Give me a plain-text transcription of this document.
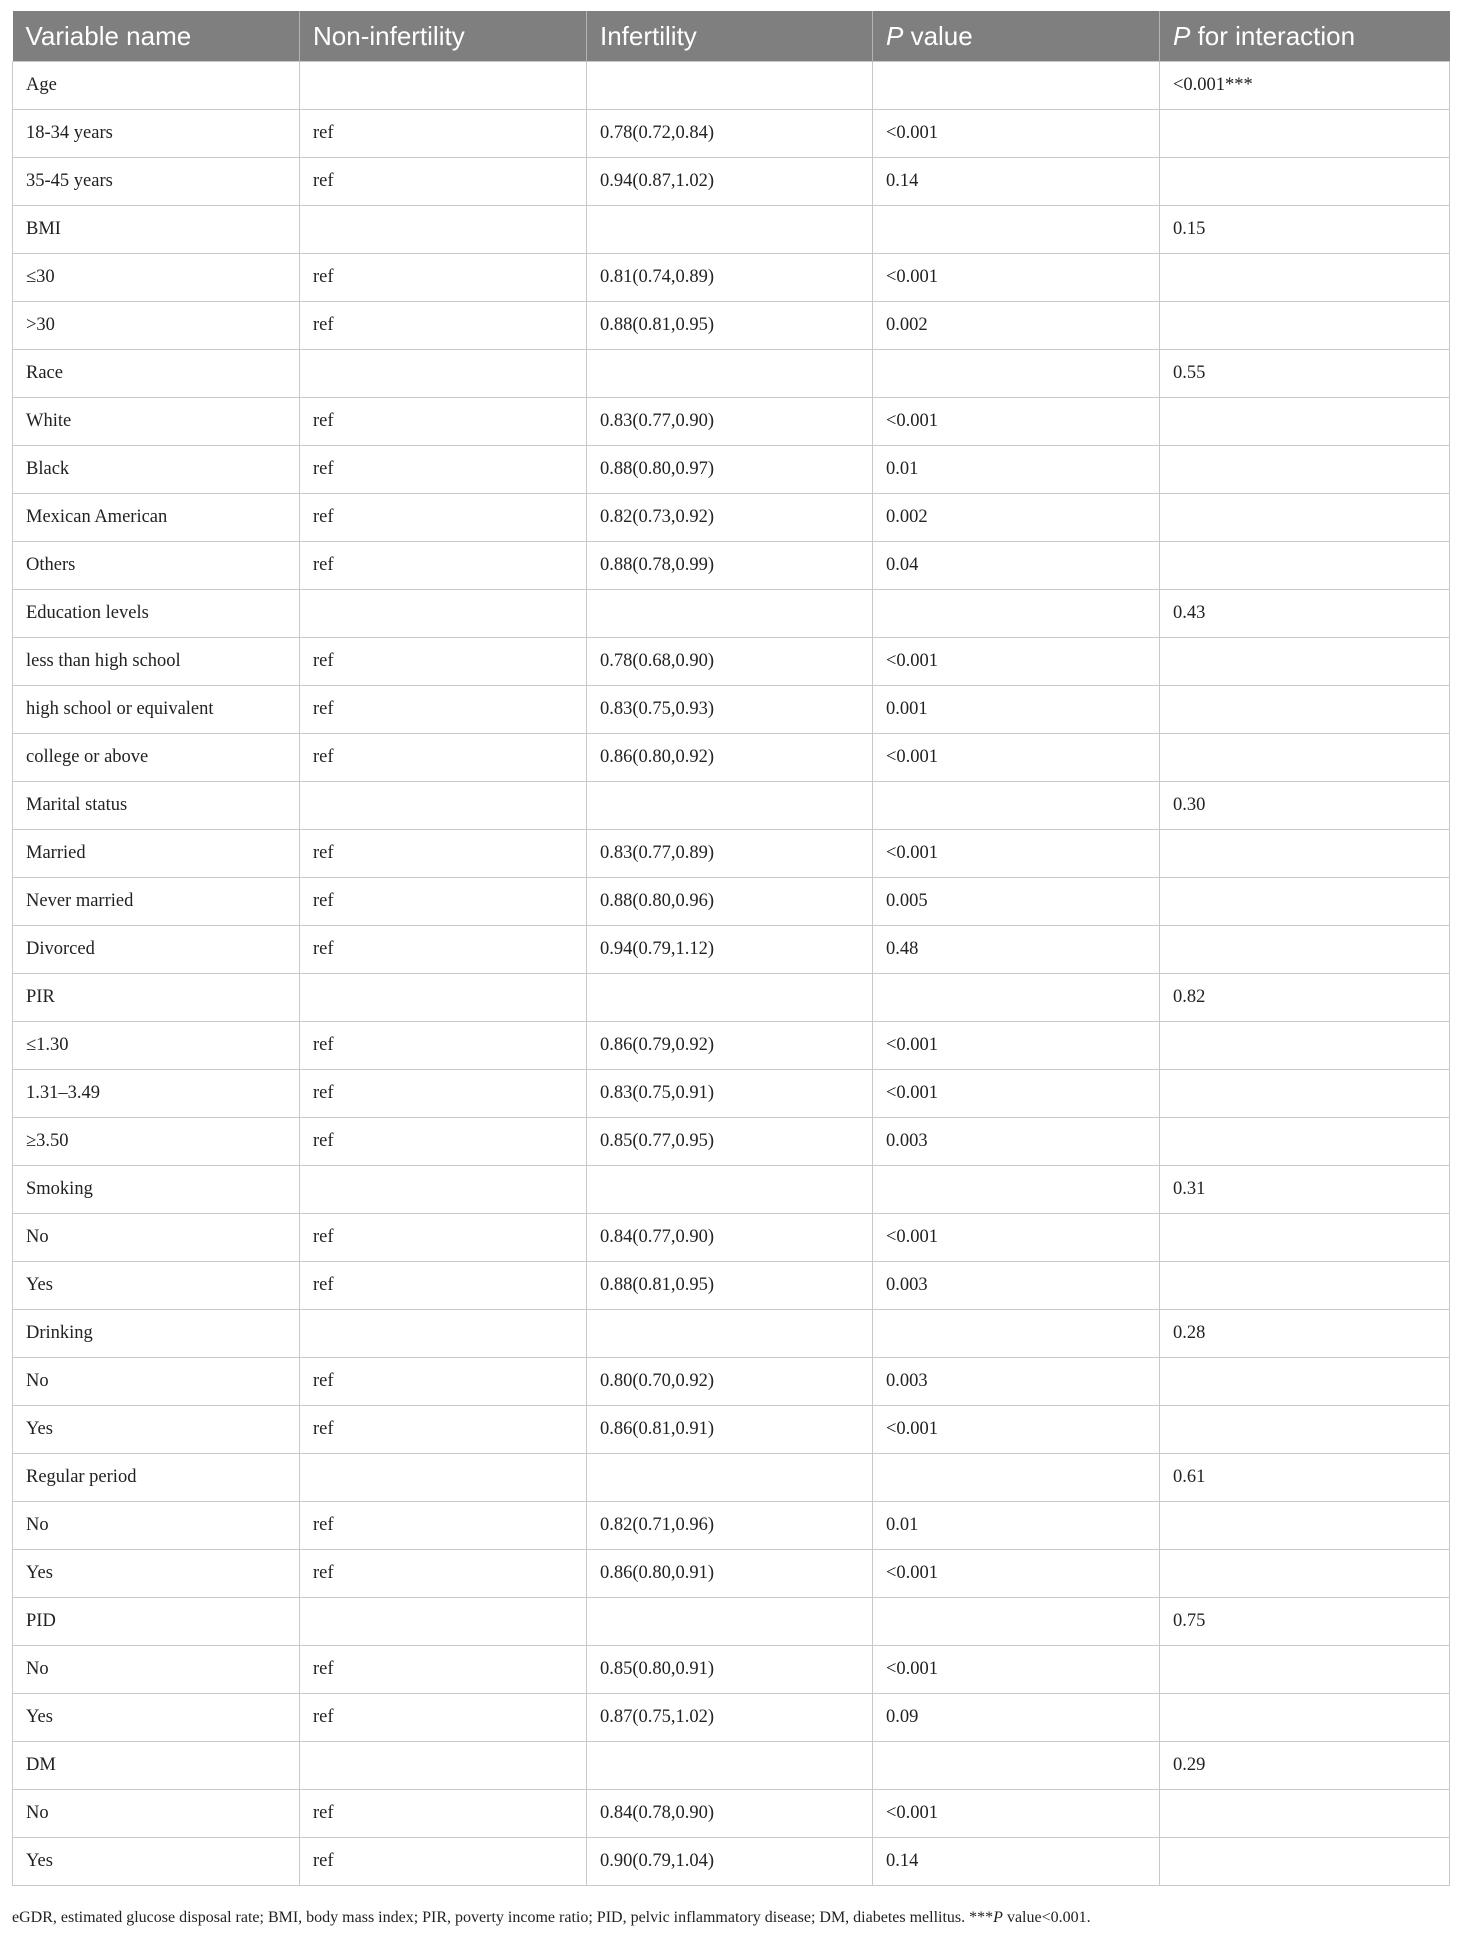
Variable name	Non-infertility	Infertility	P value	P for interaction
Age				<0.001***
18-34 years	ref	0.78(0.72,0.84)	<0.001	
35-45 years	ref	0.94(0.87,1.02)	0.14	
BMI				0.15
≤30	ref	0.81(0.74,0.89)	<0.001	
>30	ref	0.88(0.81,0.95)	0.002	
Race				0.55
White	ref	0.83(0.77,0.90)	<0.001	
Black	ref	0.88(0.80,0.97)	0.01	
Mexican American	ref	0.82(0.73,0.92)	0.002	
Others	ref	0.88(0.78,0.99)	0.04	
Education levels				0.43
less than high school	ref	0.78(0.68,0.90)	<0.001	
high school or equivalent	ref	0.83(0.75,0.93)	0.001	
college or above	ref	0.86(0.80,0.92)	<0.001	
Marital status				0.30
Married	ref	0.83(0.77,0.89)	<0.001	
Never married	ref	0.88(0.80,0.96)	0.005	
Divorced	ref	0.94(0.79,1.12)	0.48	
PIR				0.82
≤1.30	ref	0.86(0.79,0.92)	<0.001	
1.31–3.49	ref	0.83(0.75,0.91)	<0.001	
≥3.50	ref	0.85(0.77,0.95)	0.003	
Smoking				0.31
No	ref	0.84(0.77,0.90)	<0.001	
Yes	ref	0.88(0.81,0.95)	0.003	
Drinking				0.28
No	ref	0.80(0.70,0.92)	0.003	
Yes	ref	0.86(0.81,0.91)	<0.001	
Regular period				0.61
No	ref	0.82(0.71,0.96)	0.01	
Yes	ref	0.86(0.80,0.91)	<0.001	
PID				0.75
No	ref	0.85(0.80,0.91)	<0.001	
Yes	ref	0.87(0.75,1.02)	0.09	
DM				0.29
No	ref	0.84(0.78,0.90)	<0.001	
Yes	ref	0.90(0.79,1.04)	0.14	
eGDR, estimated glucose disposal rate; BMI, body mass index; PIR, poverty income ratio; PID, pelvic inflammatory disease; DM, diabetes mellitus. ***P value<0.001.
